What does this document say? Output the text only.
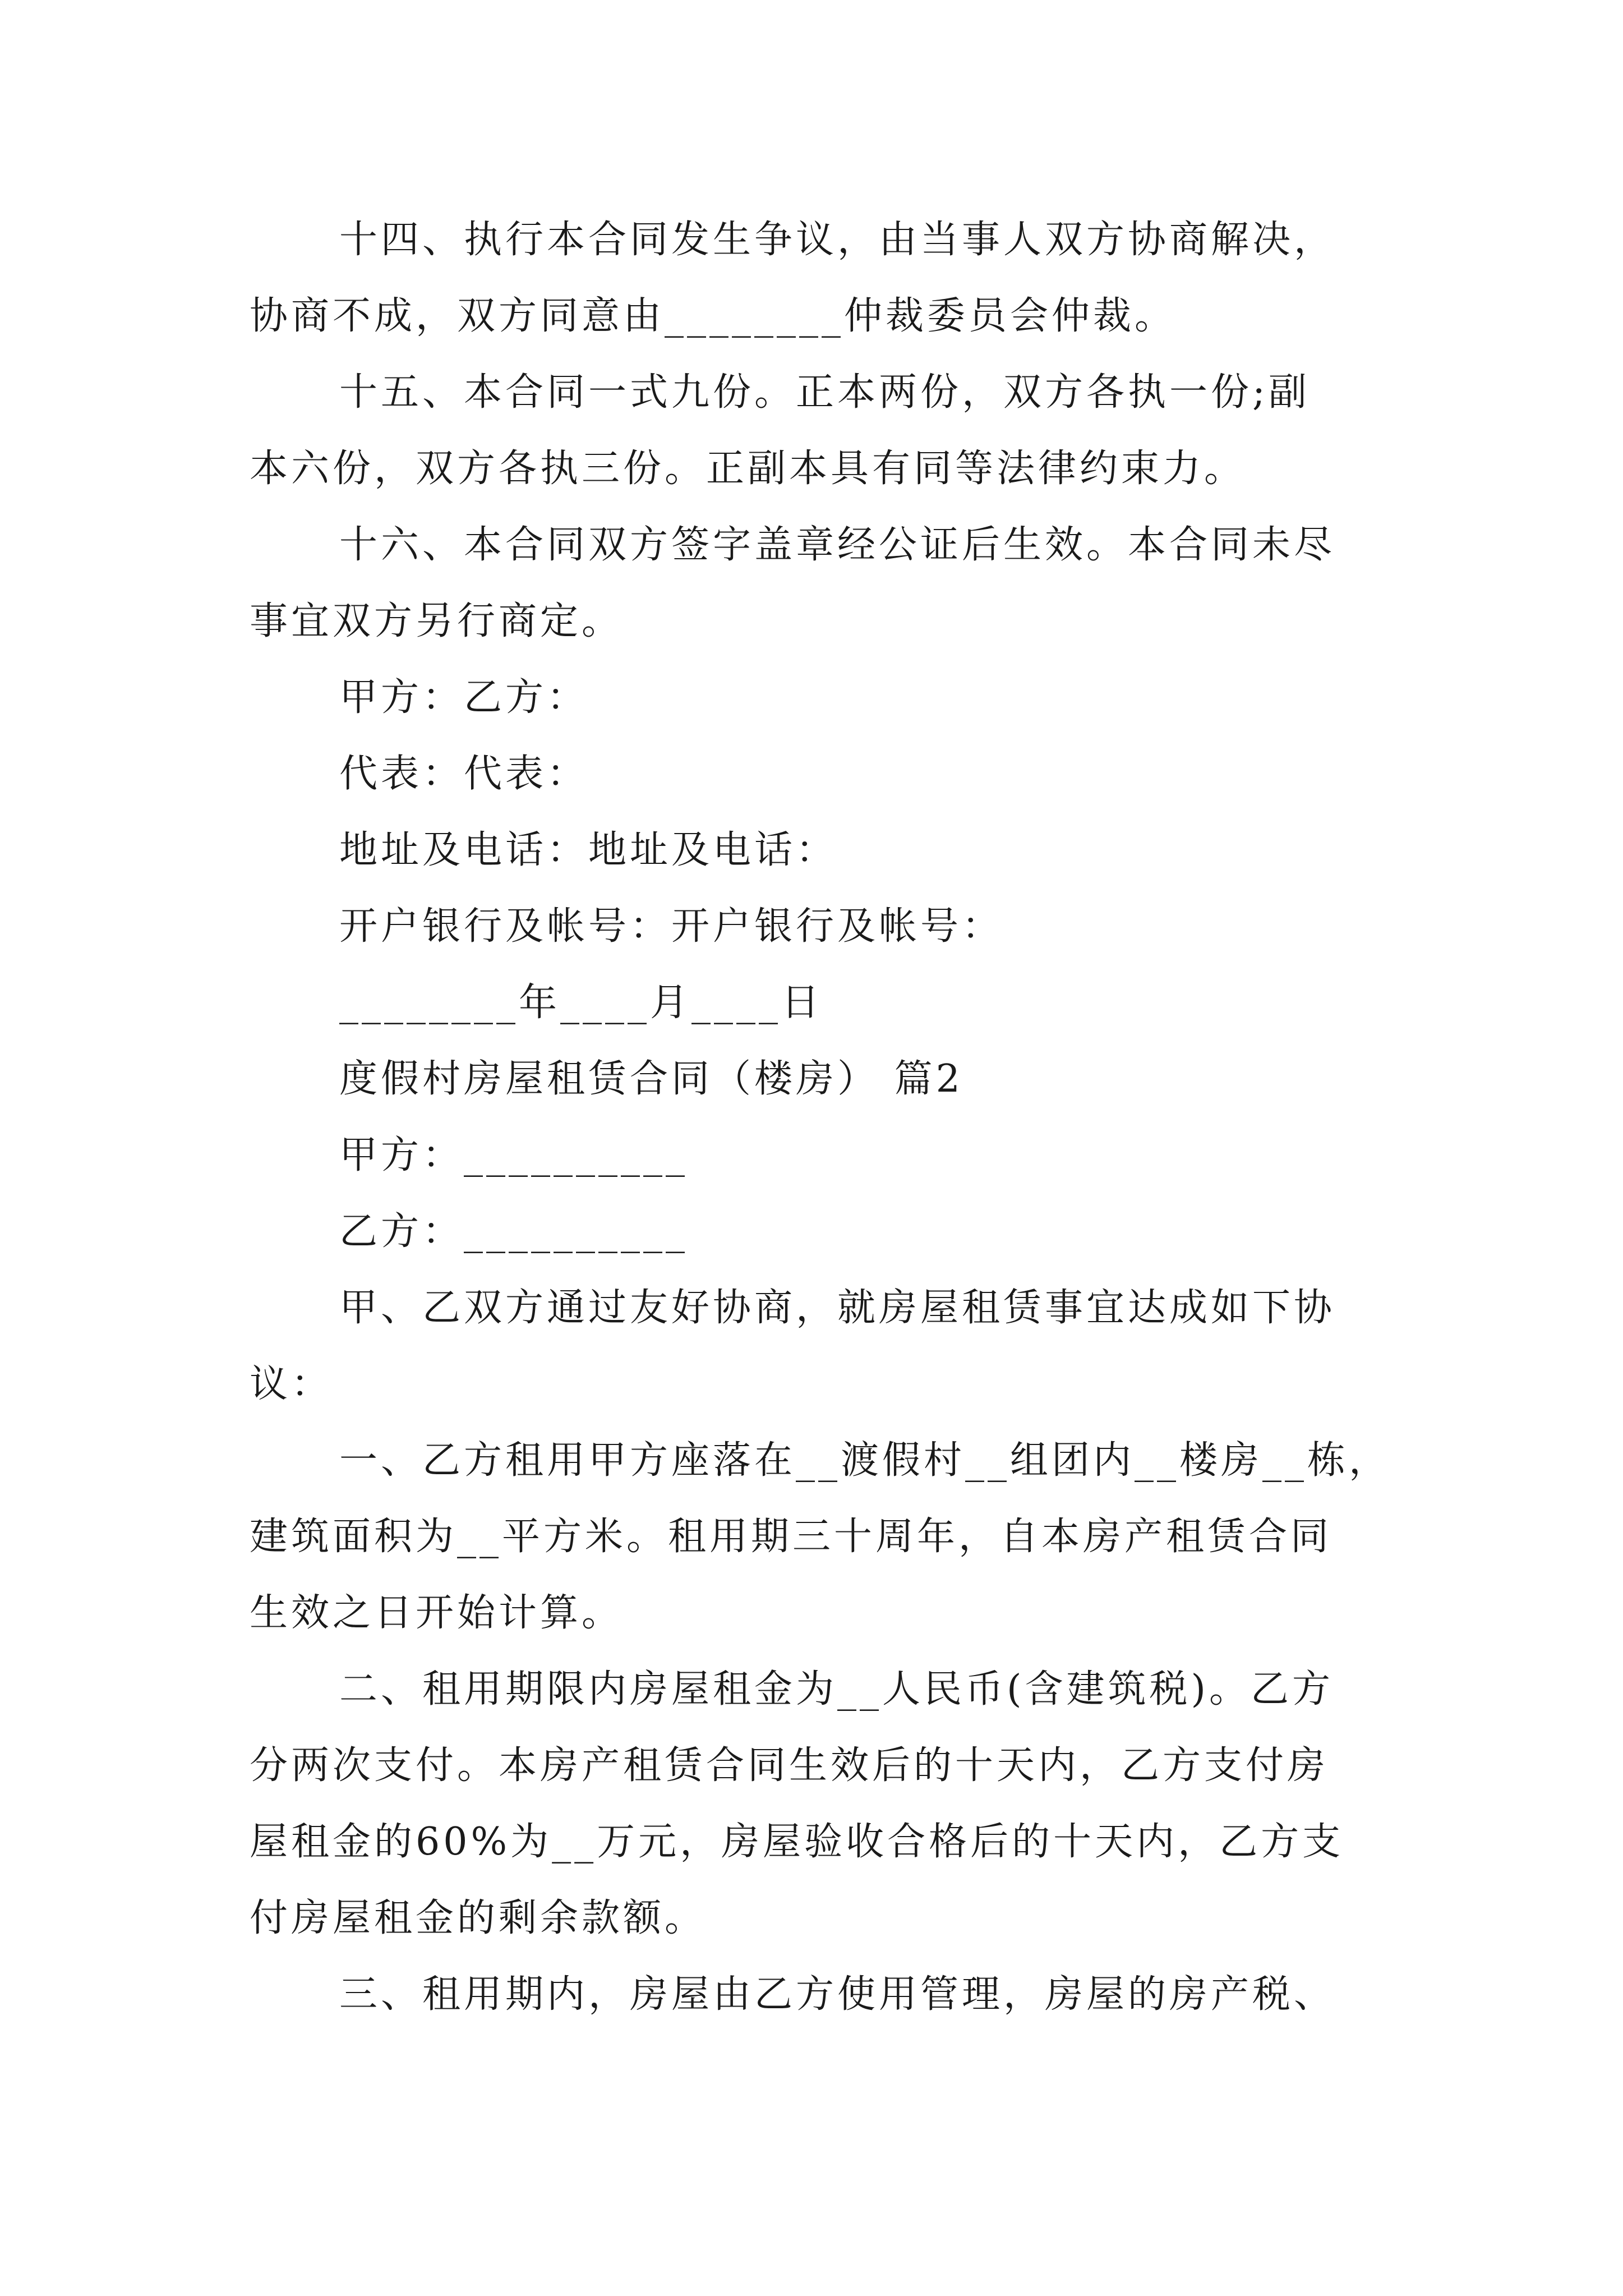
十四、执行本合同发生争议，由当事人双方协商解决，
协商不成，双方同意由________仲裁委员会仲裁。
十五、本合同一式九份。正本两份，双方各执一份;副
本六份，双方各执三份。正副本具有同等法律约束力。
十六、本合同双方签字盖章经公证后生效。本合同未尽
事宜双方另行商定。
甲方：乙方：
代表：代表：
地址及电话：地址及电话：
开户银行及帐号：开户银行及帐号：
________年____月____日
度假村房屋租赁合同（楼房） 篇2
甲方：__________
乙方：__________
甲、乙双方通过友好协商，就房屋租赁事宜达成如下协
议：
一、乙方租用甲方座落在__渡假村__组团内__楼房__栋，
建筑面积为__平方米。租用期三十周年，自本房产租赁合同
生效之日开始计算。
二、租用期限内房屋租金为__人民币(含建筑税)。乙方
分两次支付。本房产租赁合同生效后的十天内，乙方支付房
屋租金的60%为__万元，房屋验收合格后的十天内，乙方支
付房屋租金的剩余款额。
三、租用期内，房屋由乙方使用管理，房屋的房产税、
